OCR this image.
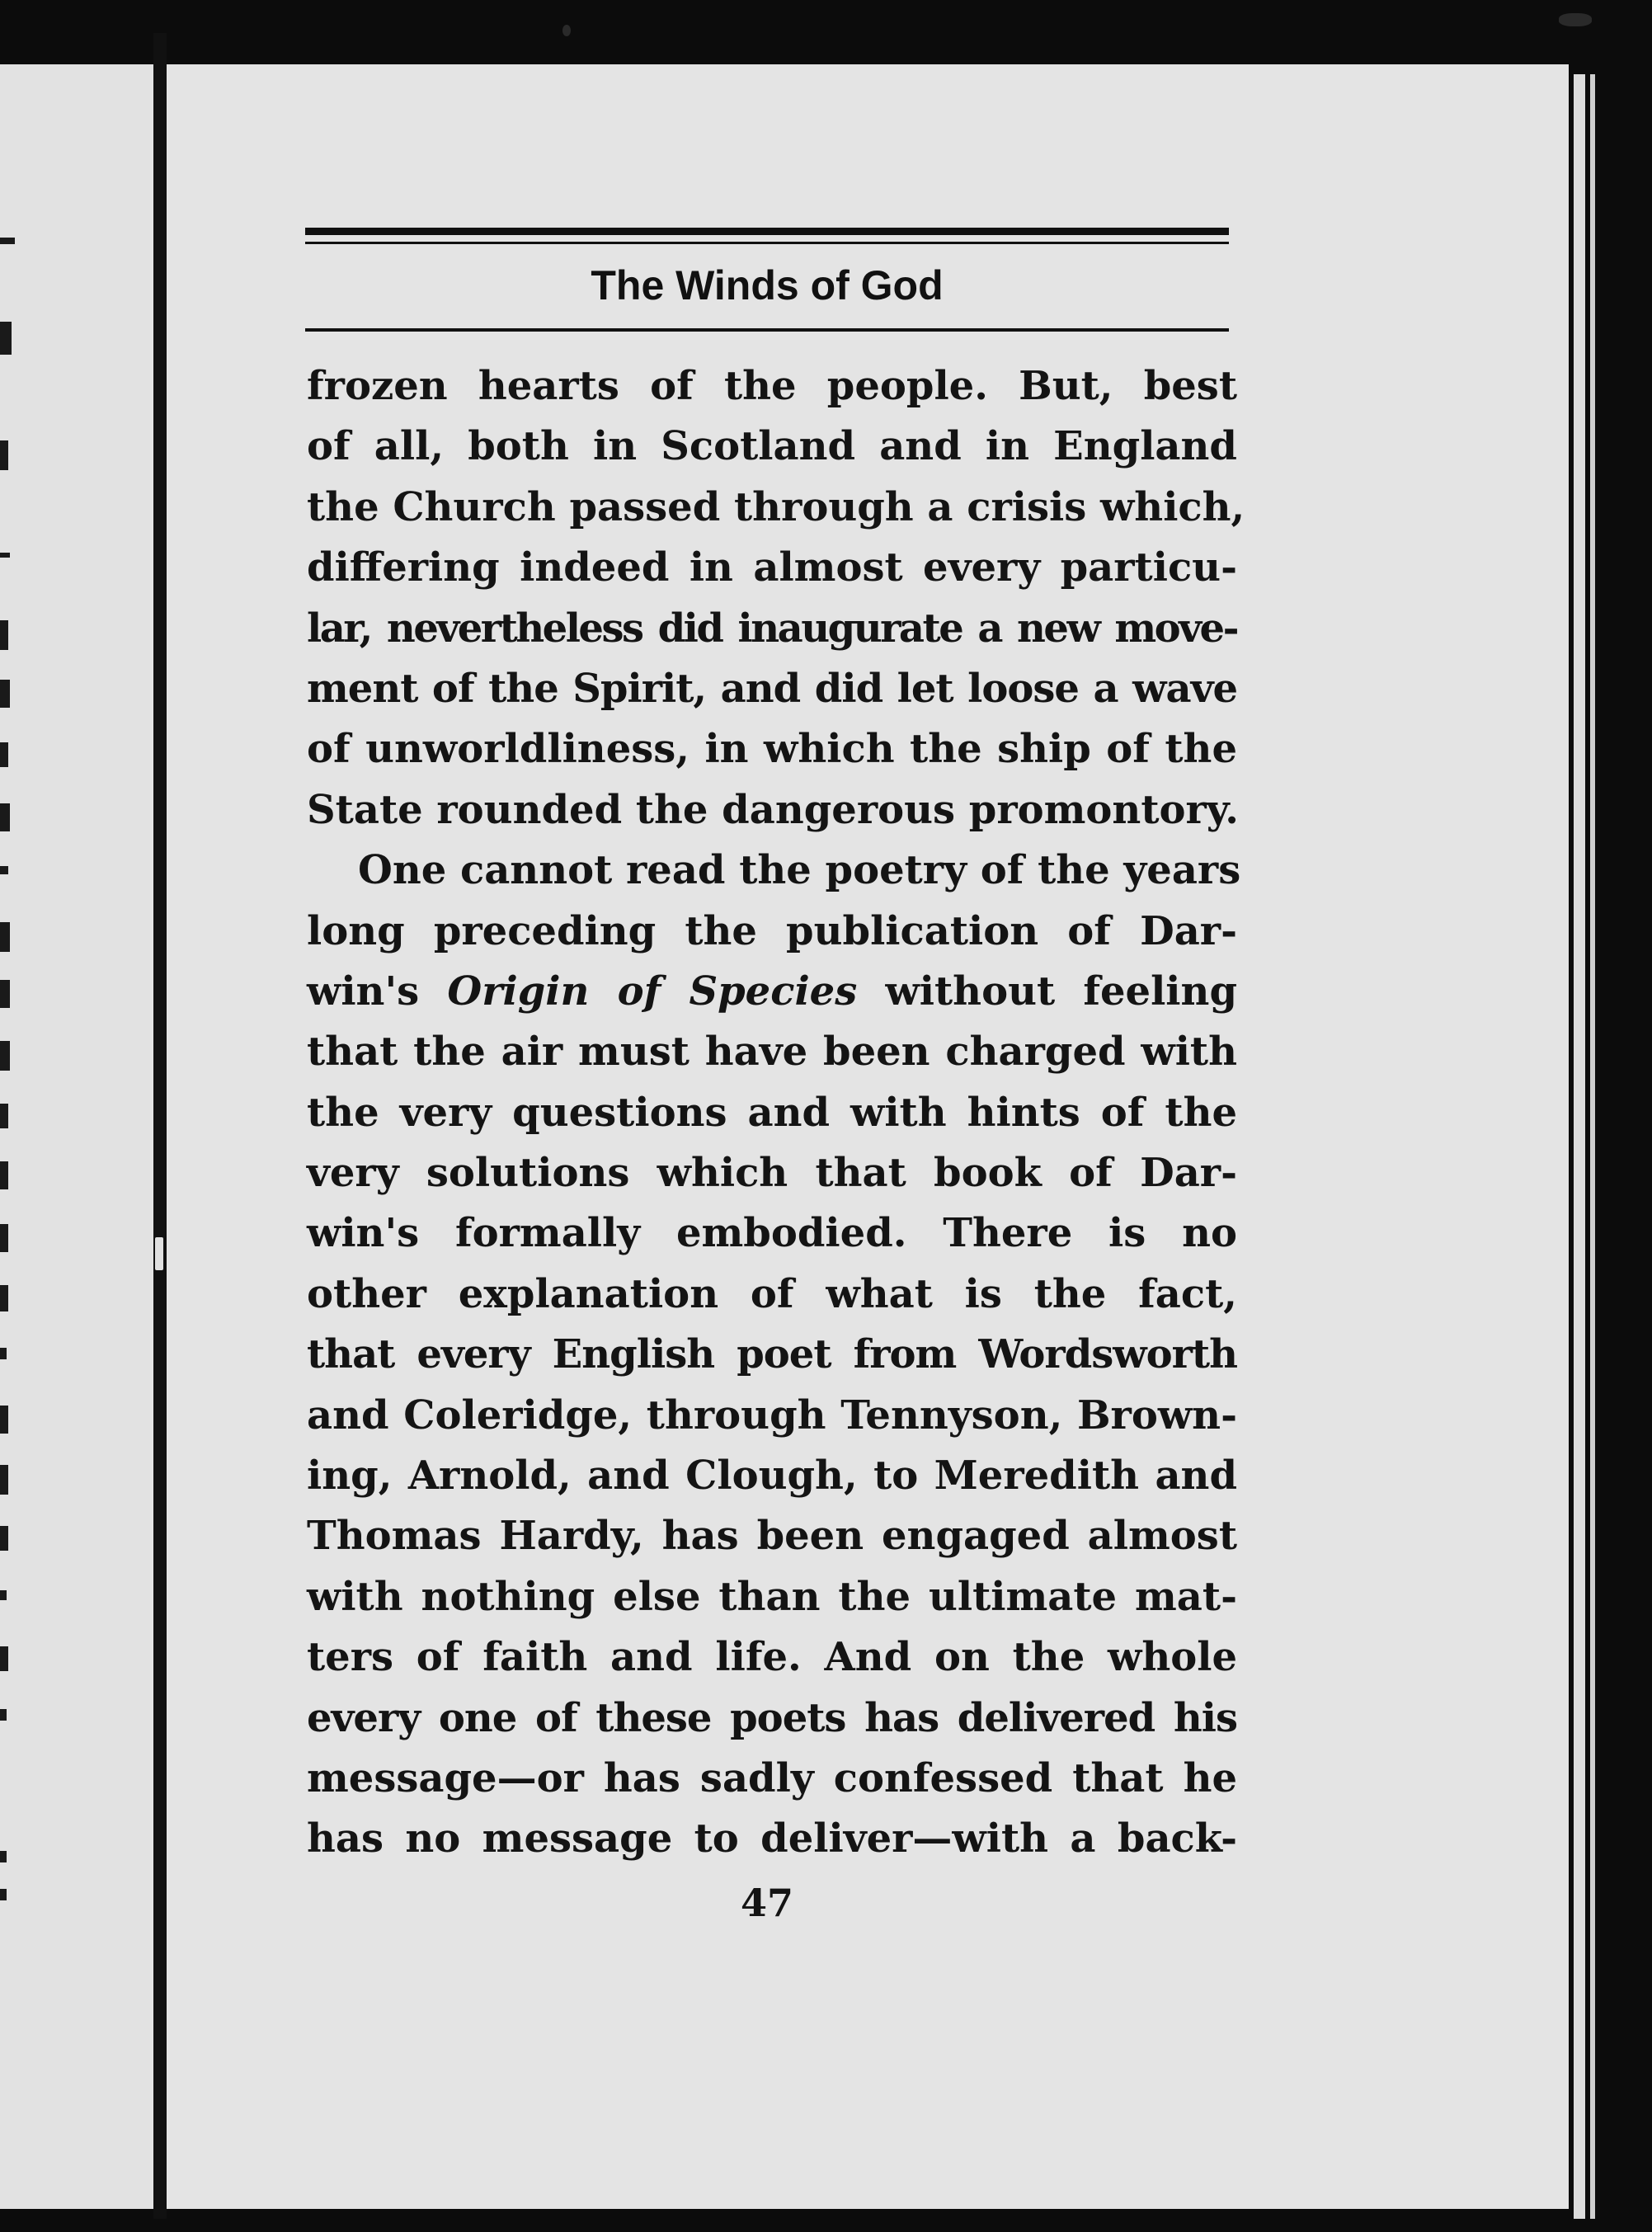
The Winds of God
frozen hearts of the people. But, best
of all, both in Scotland and in England
the Church passed through a crisis which,
differing indeed in almost every particu-
lar, nevertheless did inaugurate a new move-
ment of the Spirit, and did let loose a wave
of unworldliness, in which the ship of the
State rounded the dangerous promontory.
One cannot read the poetry of the years
long preceding the publication of Dar-
win's Origin of Species without feeling
that the air must have been charged with
the very questions and with hints of the
very solutions which that book of Dar-
win's formally embodied. There is no
other explanation of what is the fact,
that every English poet from Wordsworth
and Coleridge, through Tennyson, Brown-
ing, Arnold, and Clough, to Meredith and
Thomas Hardy, has been engaged almost
with nothing else than the ultimate mat-
ters of faith and life. And on the whole
every one of these poets has delivered his
message—or has sadly confessed that he
has no message to deliver—with a back-
47
